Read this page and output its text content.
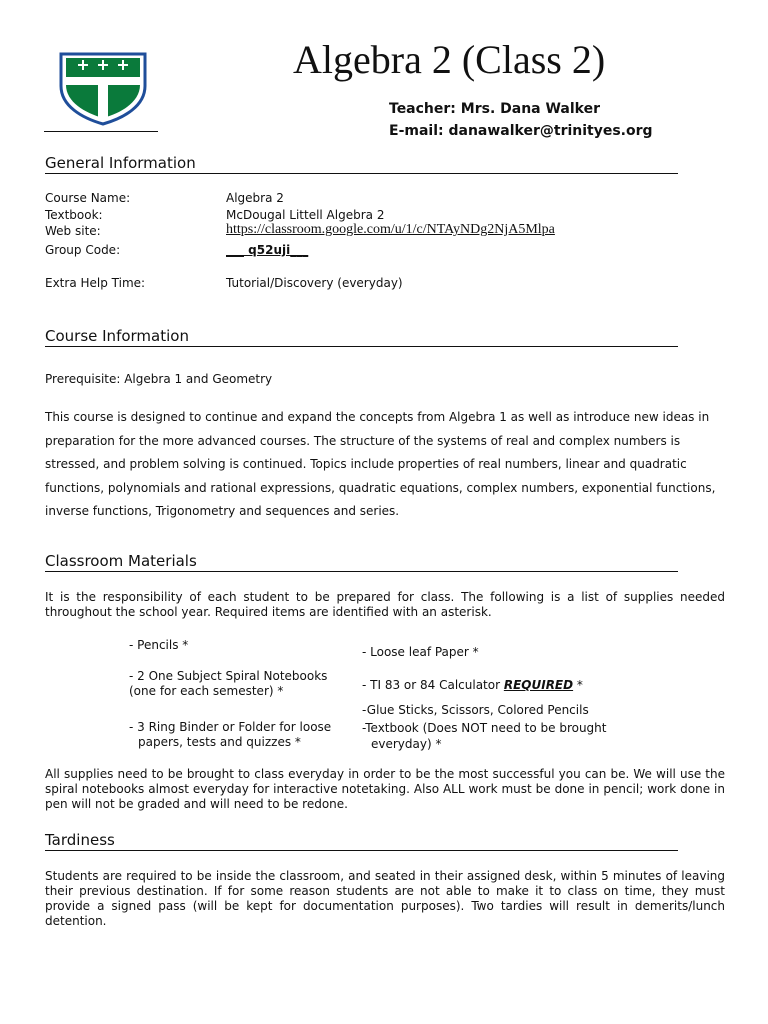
Algebra 2 (Class 2)
Teacher: Mrs. Dana Walker
E-mail: danawalker@trinityes.org
General Information
Course Name:	Algebra 2
Textbook:	McDougal Littell Algebra 2
Web site:	https://classroom.google.com/u/1/c/NTAyNDg2NjA5Mlpa
Group Code:	___ q52uji___
Extra Help Time:	Tutorial/Discovery (everyday)
Course Information
Prerequisite: Algebra 1 and Geometry
This course is designed to continue and expand the concepts from Algebra 1 as well as introduce new ideas in preparation for the more advanced courses. The structure of the systems of real and complex numbers is stressed, and problem solving is continued. Topics include properties of real numbers, linear and quadratic functions, polynomials and rational expressions, quadratic equations, complex numbers, exponential functions, inverse functions, Trigonometry and sequences and series.
Classroom Materials
It is the responsibility of each student to be prepared for class. The following is a list of supplies needed throughout the school year. Required items are identified with an asterisk.
- Pencils *
- 2 One Subject Spiral Notebooks
(one for each semester) *
- 3 Ring Binder or Folder for loose
papers, tests and quizzes *
- Loose leaf Paper *
- TI 83 or 84 Calculator REQUIRED *
-Glue Sticks, Scissors, Colored Pencils
-Textbook (Does NOT need to be brought
everyday) *
All supplies need to be brought to class everyday in order to be the most successful you can be. We will use the spiral notebooks almost everyday for interactive notetaking. Also ALL work must be done in pencil; work done in pen will not be graded and will need to be redone.
Tardiness
Students are required to be inside the classroom, and seated in their assigned desk, within 5 minutes of leaving their previous destination. If for some reason students are not able to make it to class on time, they must provide a signed pass (will be kept for documentation purposes). Two tardies will result in demerits/lunch detention.
